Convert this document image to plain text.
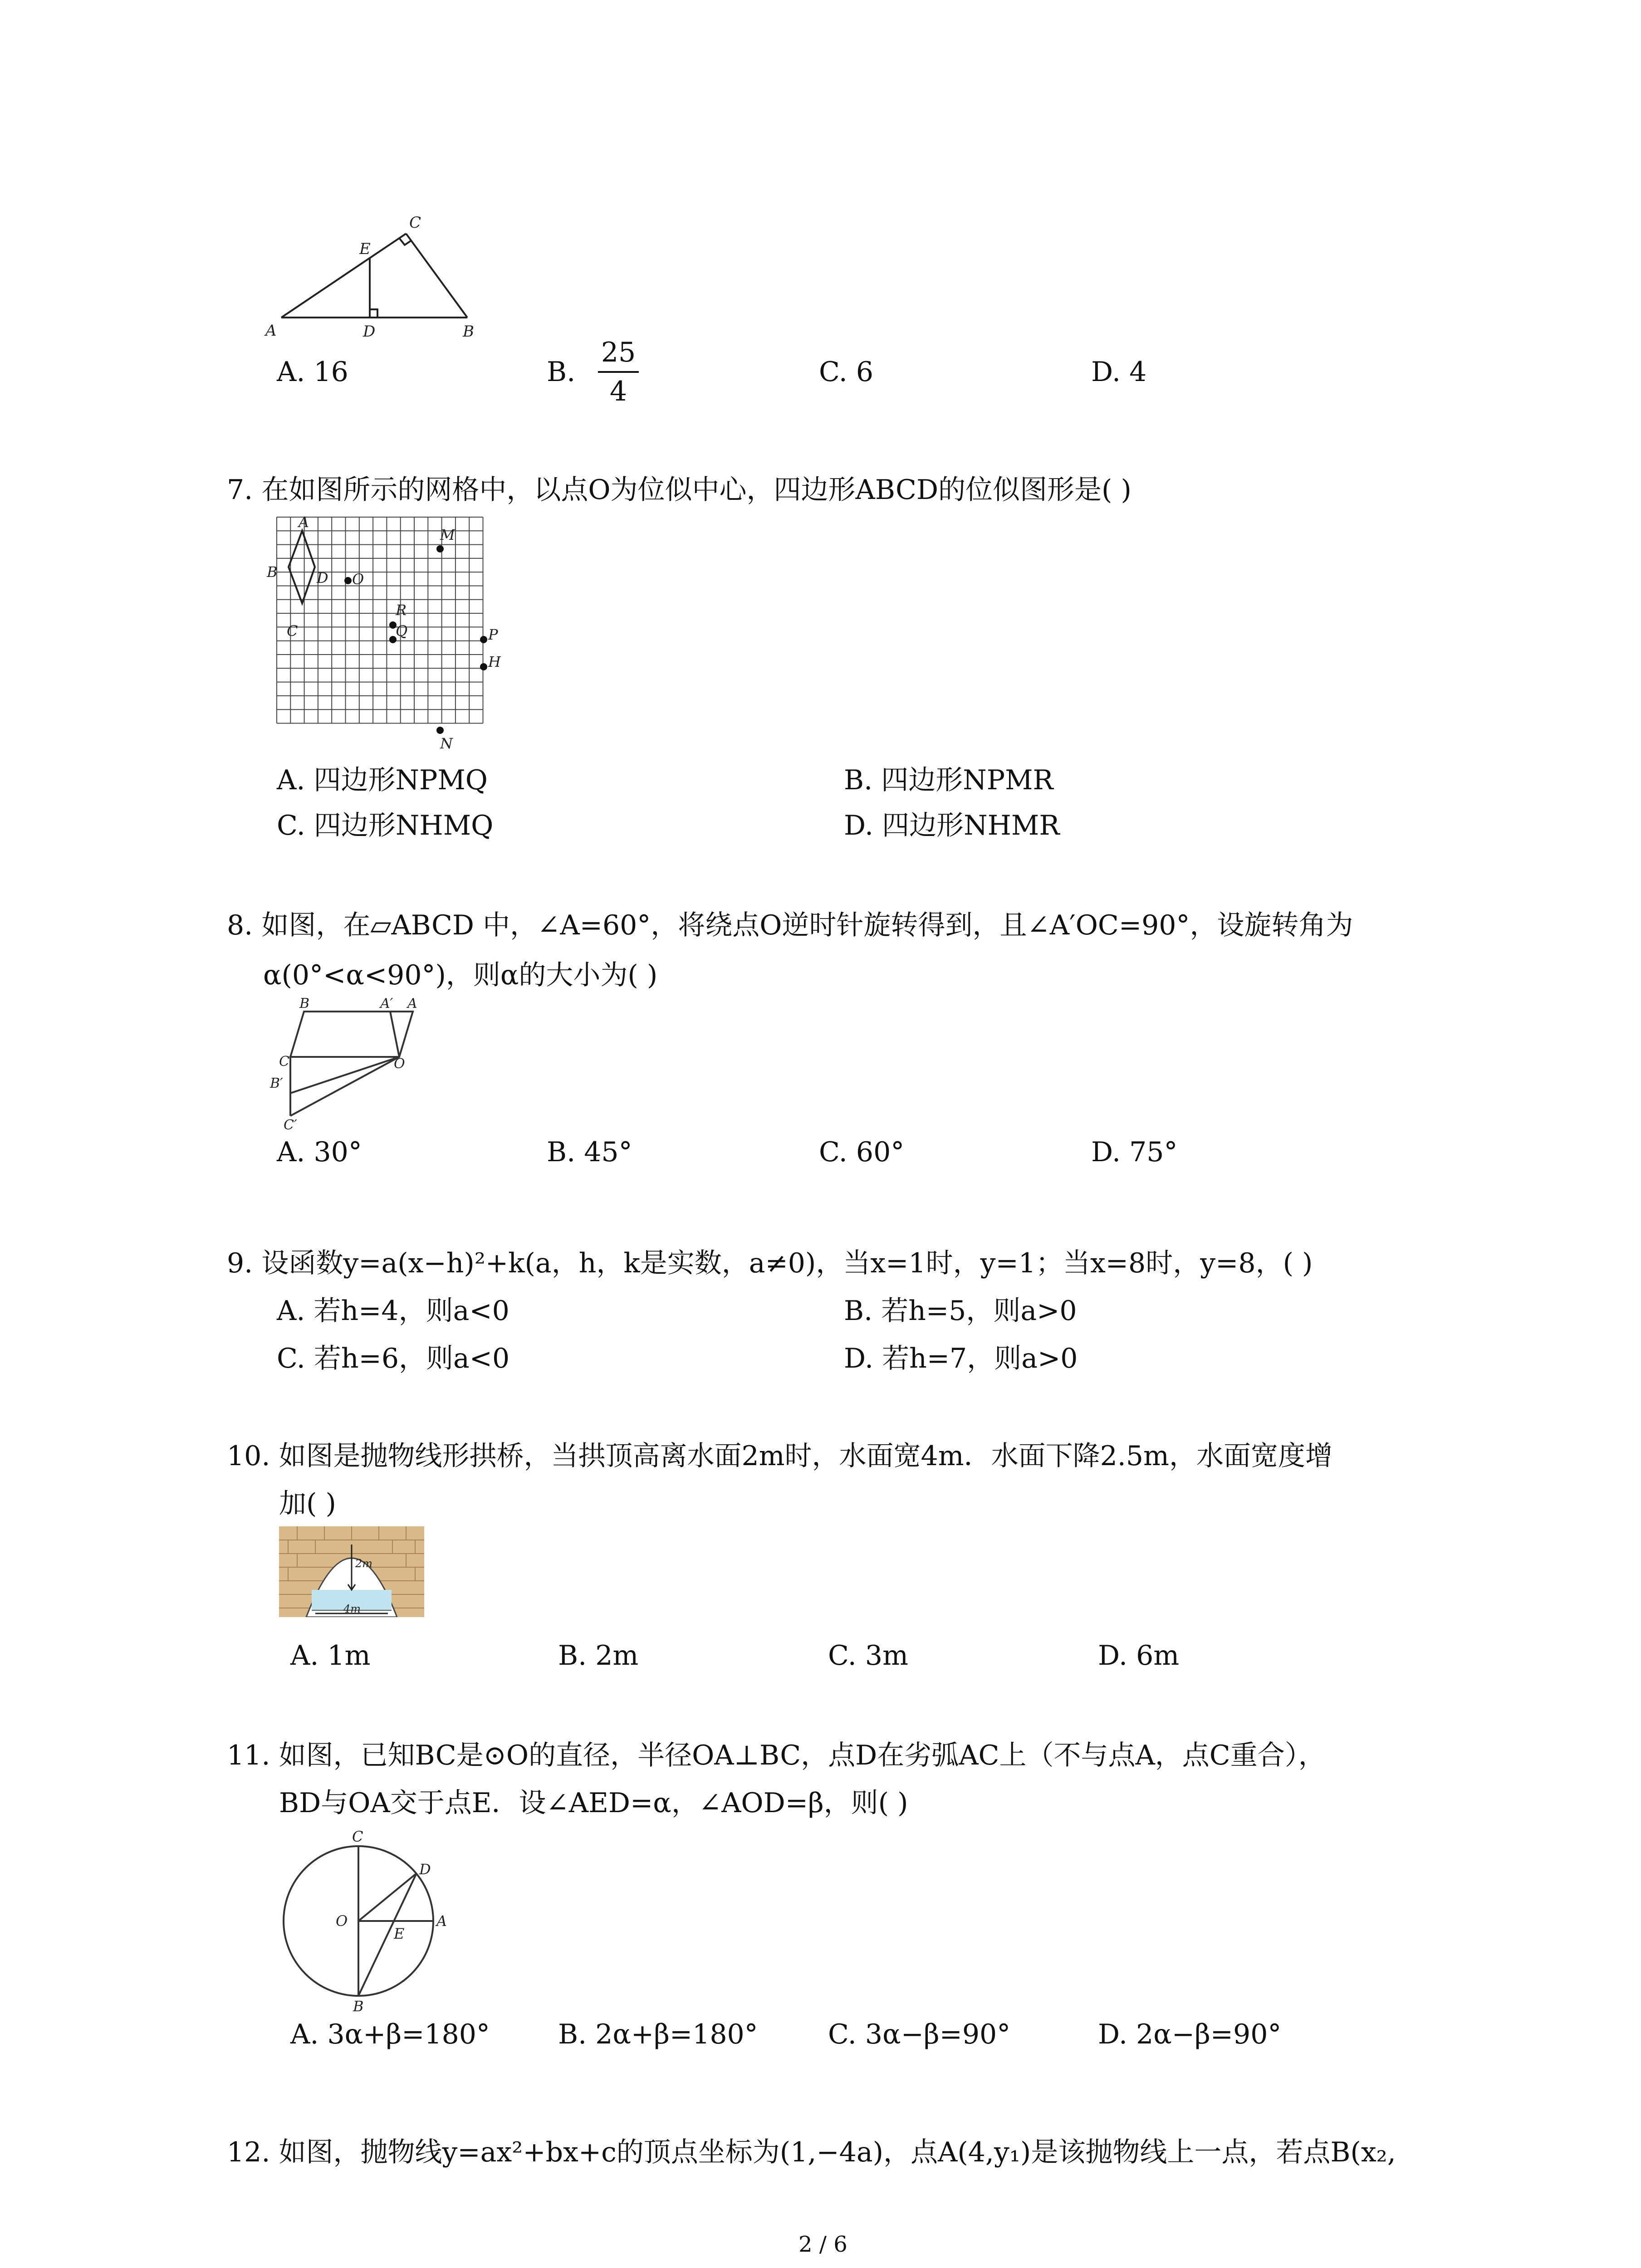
A	D	B
E
C
A. 16	B.
25
4
C. 6	D. 4
7. 在如图所示的网格中，以点O为位似中心，四边形ABCD的位似图形是( )
A
B
C
D O
M
R
Q	P
H
N
A. 四边形NPMQ	B. 四边形NPMR
C. 四边形NHMQ	D. 四边形NHMR
8. 如图，在▱ABCD 中，∠A=60°，将绕点O逆时针旋转得到，且∠A′OC=90°，设旋转角为
α(0°<α<90°)，则α的大小为( )
B	A′ A
C	O
B′
C′
A. 30°	B. 45°	C. 60°	D. 75°
9. 设函数y=a(x−h)²+k(a，h，k是实数，a≠0)，当x=1时，y=1；当x=8时，y=8，( )
A. 若h=4，则a<0	B. 若h=5，则a>0
C. 若h=6，则a<0	D. 若h=7，则a>0
10. 如图是抛物线形拱桥，当拱顶高离水面2m时，水面宽4m．水面下降2.5m，水面宽度增
加( )
2m
4m
A. 1m	B. 2m	C. 3m	D. 6m
11. 如图，已知BC是⊙O的直径，半径OA⊥BC，点D在劣弧AC上（不与点A，点C重合），
BD与OA交于点E．设∠AED=α，∠AOD=β，则( )
C
D
O	A
E
B
A. 3α+β=180°	B. 2α+β=180°	C. 3α−β=90°	D. 2α−β=90°
12. 如图，抛物线y=ax²+bx+c的顶点坐标为(1,−4a)，点A(4,y₁)是该抛物线上一点，若点B(x₂,
2 / 6
